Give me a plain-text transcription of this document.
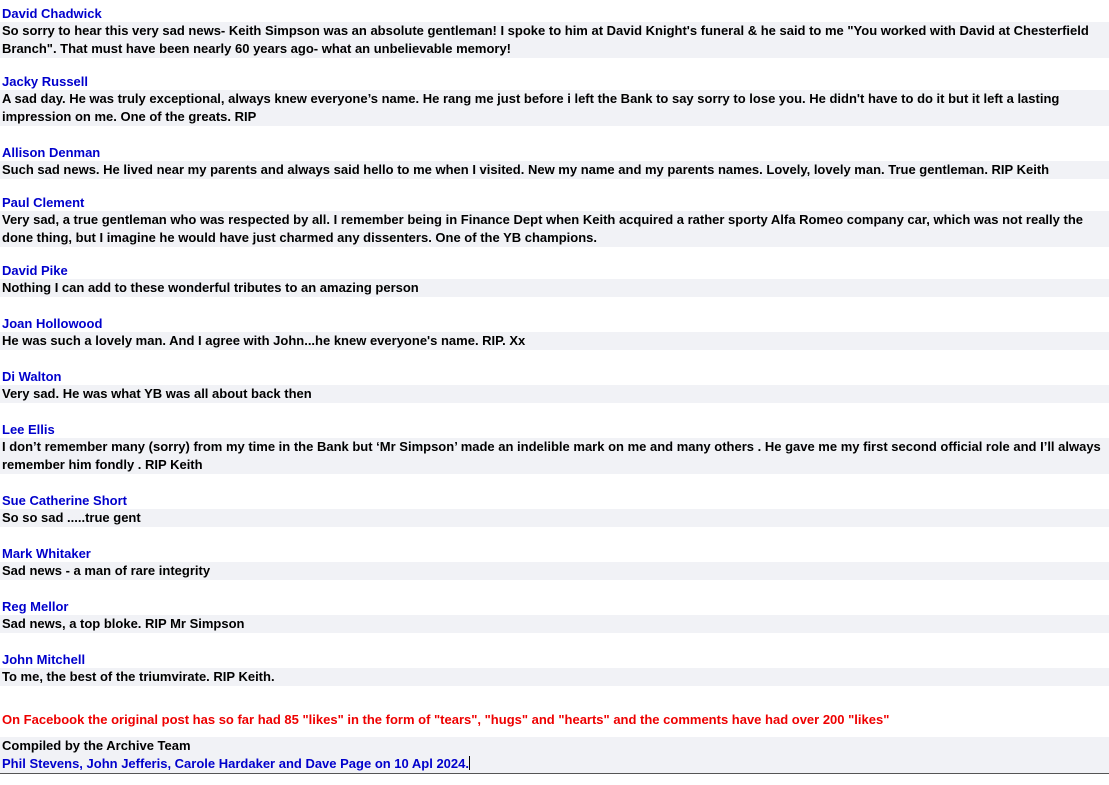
David Chadwick
So sorry to hear this very sad news- Keith Simpson was an absolute gentleman! I spoke to him at David Knight's funeral & he said to me "You worked with David at Chesterfield Branch". That must have been nearly 60 years ago- what an unbelievable memory!
Jacky Russell
A sad day. He was truly exceptional, always knew everyone’s name. He rang me just before i left the Bank to say sorry to lose you. He didn't have to do it but it left a lasting impression on me. One of the greats. RIP
Allison Denman
Such sad news. He lived near my parents and always said hello to me when I visited. New my name and my parents names. Lovely, lovely man. True gentleman. RIP Keith
Paul Clement
Very sad, a true gentleman who was respected by all. I remember being in Finance Dept when Keith acquired a rather sporty Alfa Romeo company car, which was not really the done thing, but I imagine he would have just charmed any dissenters. One of the YB champions.
David Pike
Nothing I can add to these wonderful tributes to an amazing person
Joan Hollowood
He was such a lovely man. And I agree with John...he knew everyone's name. RIP. Xx
Di Walton
Very sad. He was what YB was all about back then
Lee Ellis
I don’t remember many (sorry) from my time in the Bank but ‘Mr Simpson’ made an indelible mark on me and many others . He gave me my first second official role and I’ll always remember him fondly . RIP Keith
Sue Catherine Short
So so sad .....true gent
Mark Whitaker
Sad news - a man of rare integrity
Reg Mellor
Sad news, a top bloke. RIP Mr Simpson
John Mitchell
To me, the best of the triumvirate. RIP Keith.
On Facebook the original post has so far had 85 "likes" in the form of "tears", "hugs" and "hearts" and the comments have had over 200 "likes"
Compiled by the Archive Team
Phil Stevens, John Jefferis, Carole Hardaker and Dave Page on 10 Apl 2024.
